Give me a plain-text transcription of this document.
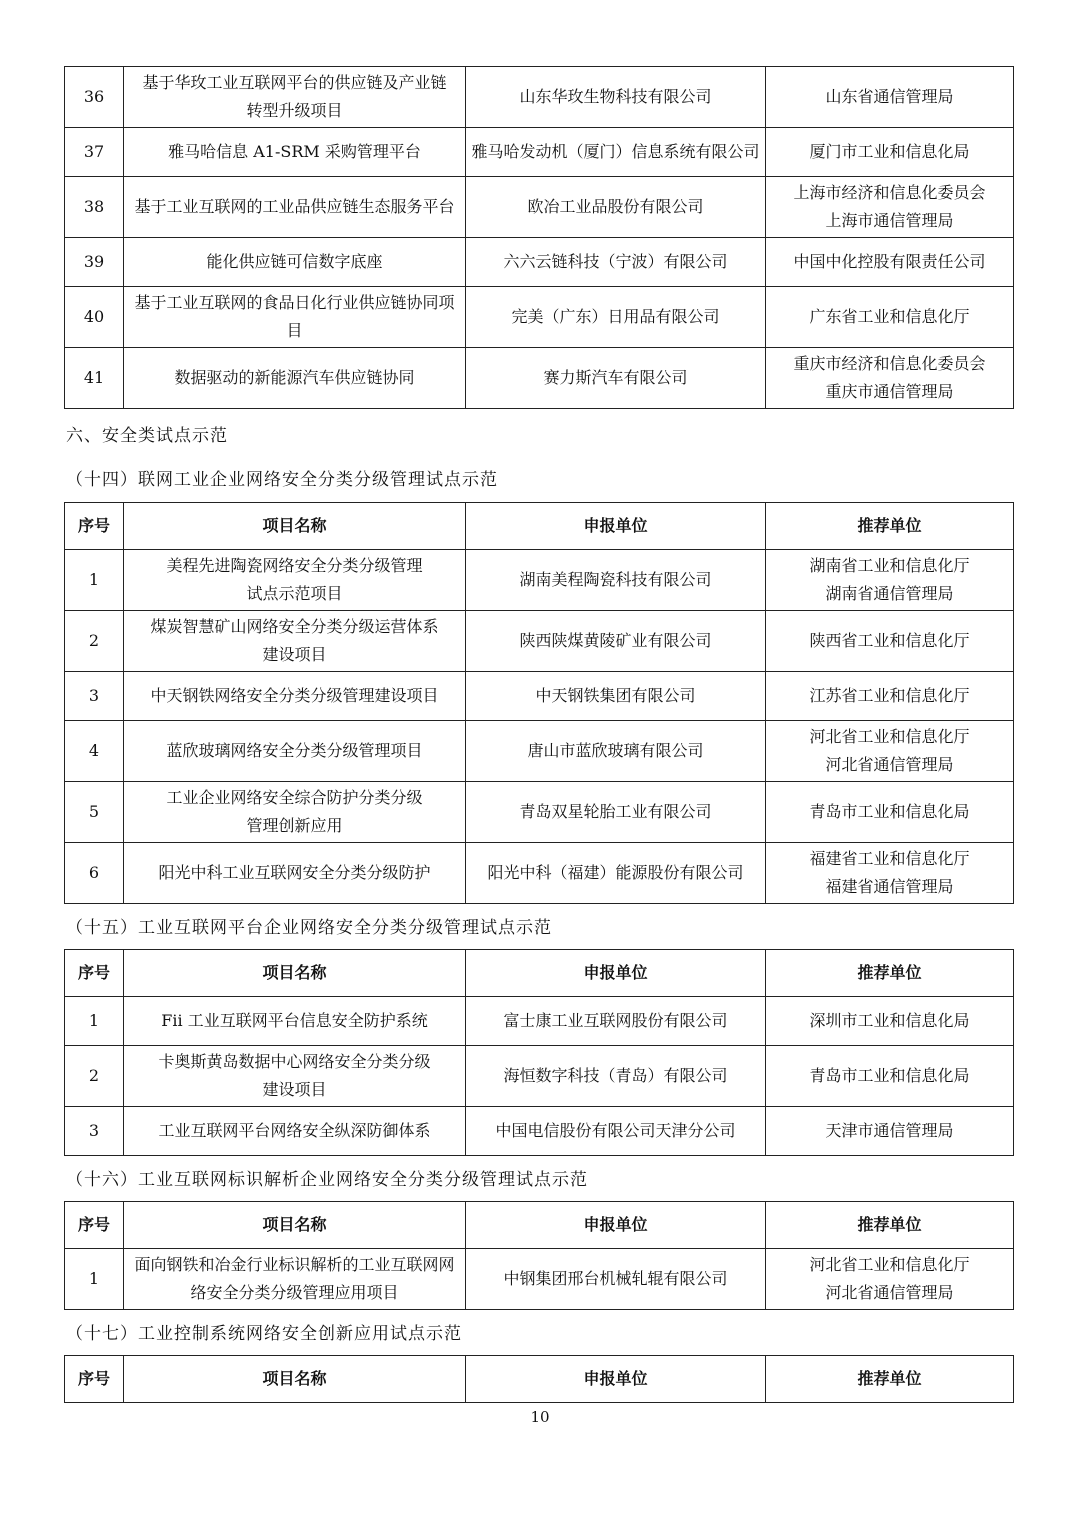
36	基于华玫工业互联网平台的供应链及产业链
转型升级项目	山东华玫生物科技有限公司	山东省通信管理局

37	雅马哈信息 A1-SRM 采购管理平台	雅马哈发动机（厦门）信息系统有限公司	厦门市工业和信息化局

38	基于工业互联网的工业品供应链生态服务平台	欧冶工业品股份有限公司	上海市经济和信息化委员会
上海市通信管理局

39	能化供应链可信数字底座	六六云链科技（宁波）有限公司	中国中化控股有限责任公司

40	基于工业互联网的食品日化行业供应链协同项
目	完美（广东）日用品有限公司	广东省工业和信息化厅

41	数据驱动的新能源汽车供应链协同	赛力斯汽车有限公司	重庆市经济和信息化委员会
重庆市通信管理局

六、安全类试点示范

（十四）联网工业企业网络安全分类分级管理试点示范

序号	项目名称	申报单位	推荐单位
1	美程先进陶瓷网络安全分类分级管理
试点示范项目	湖南美程陶瓷科技有限公司	湖南省工业和信息化厅
湖南省通信管理局

2	煤炭智慧矿山网络安全分类分级运营体系
建设项目	陕西陕煤黄陵矿业有限公司	陕西省工业和信息化厅

3	中天钢铁网络安全分类分级管理建设项目	中天钢铁集团有限公司	江苏省工业和信息化厅

4	蓝欣玻璃网络安全分类分级管理项目	唐山市蓝欣玻璃有限公司	河北省工业和信息化厅
河北省通信管理局

5	工业企业网络安全综合防护分类分级
管理创新应用	青岛双星轮胎工业有限公司	青岛市工业和信息化局

6	阳光中科工业互联网安全分类分级防护	阳光中科（福建）能源股份有限公司	福建省工业和信息化厅
福建省通信管理局

（十五）工业互联网平台企业网络安全分类分级管理试点示范

序号	项目名称	申报单位	推荐单位
1	Fii 工业互联网平台信息安全防护系统	富士康工业互联网股份有限公司	深圳市工业和信息化局

2	卡奥斯黄岛数据中心网络安全分类分级
建设项目	海恒数字科技（青岛）有限公司	青岛市工业和信息化局

3	工业互联网平台网络安全纵深防御体系	中国电信股份有限公司天津分公司	天津市通信管理局

（十六）工业互联网标识解析企业网络安全分类分级管理试点示范

序号	项目名称	申报单位	推荐单位
1	面向钢铁和冶金行业标识解析的工业互联网网
络安全分类分级管理应用项目	中钢集团邢台机械轧辊有限公司	河北省工业和信息化厅
河北省通信管理局

（十七）工业控制系统网络安全创新应用试点示范

序号	项目名称	申报单位	推荐单位
10
